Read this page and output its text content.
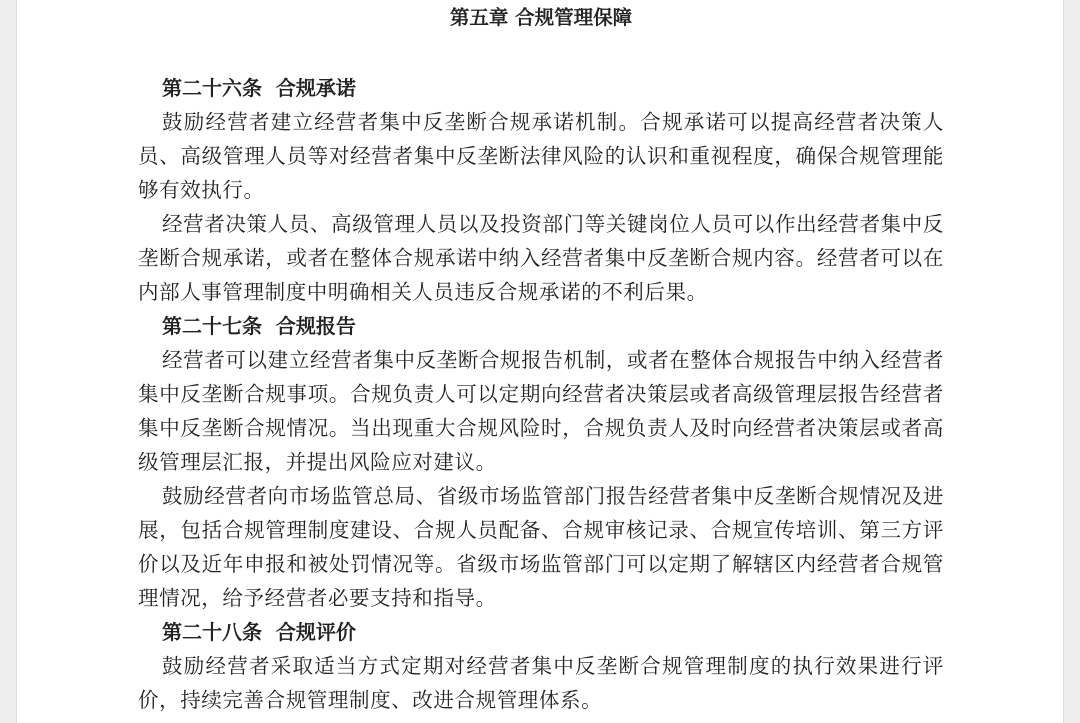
第五章 合规管理保障
第二十六条  合规承诺

鼓励经营者建立经营者集中反垄断合规承诺机制。合规承诺可以提高经营者决策人员、高级管理人员等对经营者集中反垄断法律风险的认识和重视程度，确保合规管理能够有效执行。

经营者决策人员、高级管理人员以及投资部门等关键岗位人员可以作出经营者集中反垄断合规承诺，或者在整体合规承诺中纳入经营者集中反垄断合规内容。经营者可以在内部人事管理制度中明确相关人员违反合规承诺的不利后果。

第二十七条  合规报告

经营者可以建立经营者集中反垄断合规报告机制，或者在整体合规报告中纳入经营者集中反垄断合规事项。合规负责人可以定期向经营者决策层或者高级管理层报告经营者集中反垄断合规情况。当出现重大合规风险时，合规负责人及时向经营者决策层或者高级管理层汇报，并提出风险应对建议。

鼓励经营者向市场监管总局、省级市场监管部门报告经营者集中反垄断合规情况及进展，包括合规管理制度建设、合规人员配备、合规审核记录、合规宣传培训、第三方评价以及近年申报和被处罚情况等。省级市场监管部门可以定期了解辖区内经营者合规管理情况，给予经营者必要支持和指导。

第二十八条  合规评价

鼓励经营者采取适当方式定期对经营者集中反垄断合规管理制度的执行效果进行评价，持续完善合规管理制度、改进合规管理体系。
